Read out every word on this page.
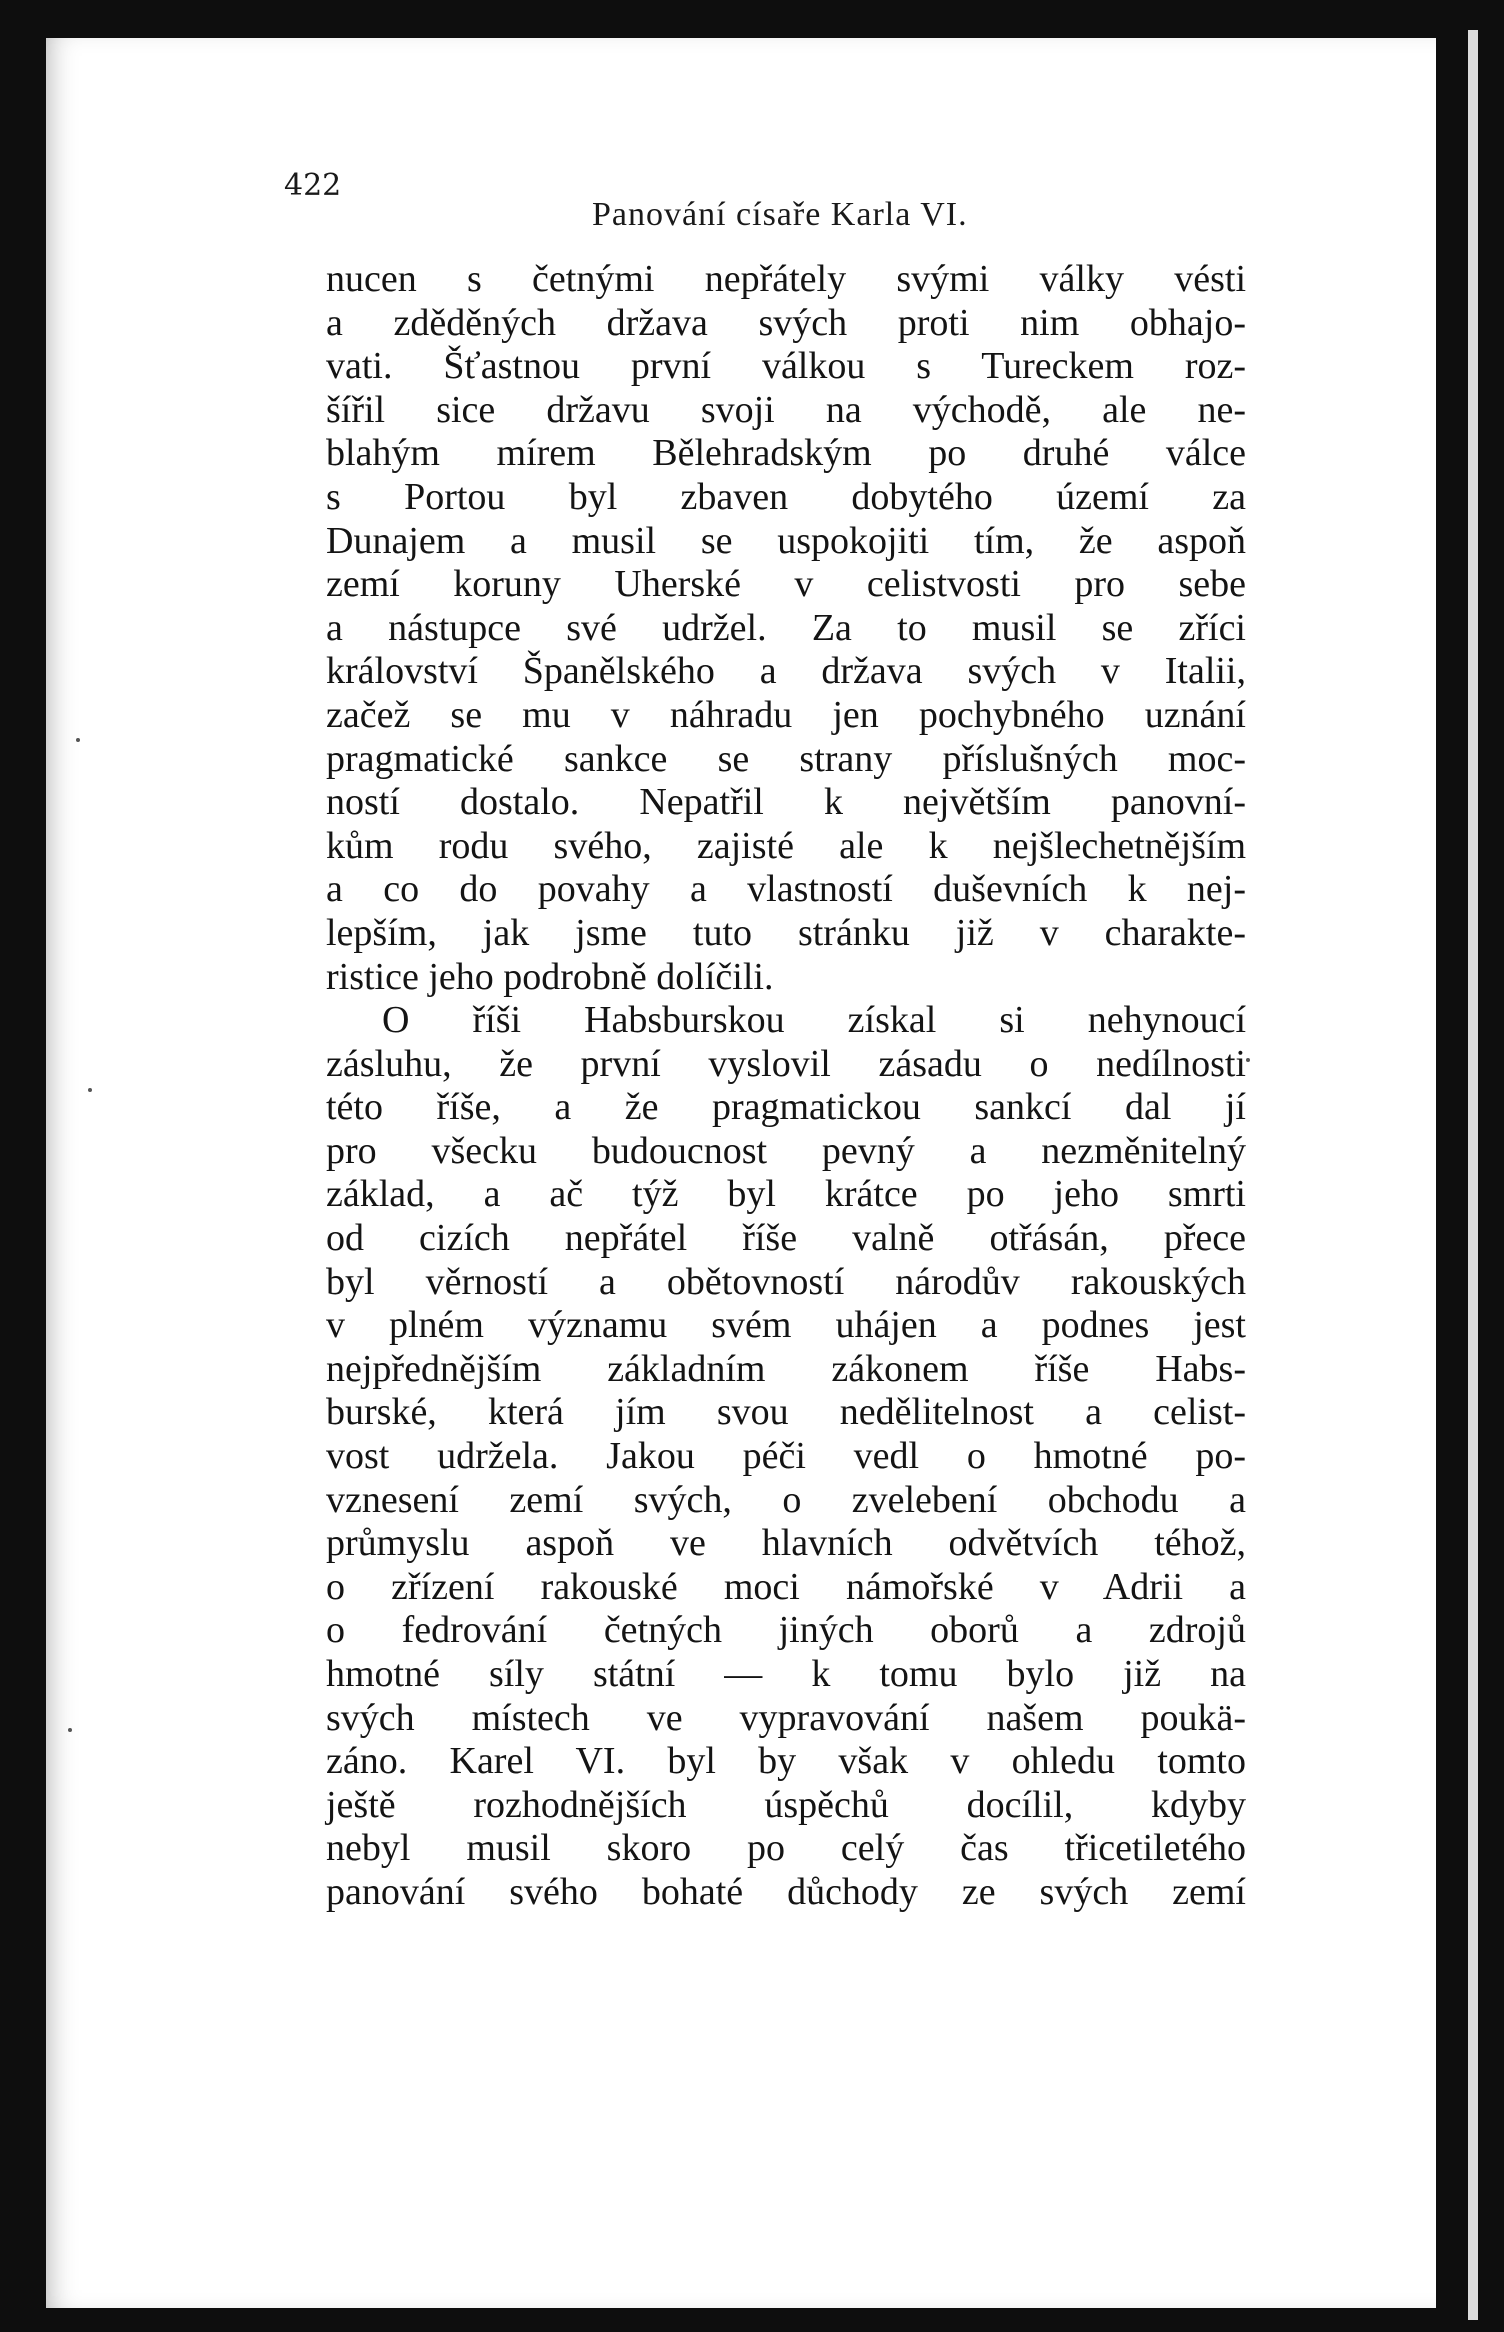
422

Panování císaře Karla VI.

nucen s četnými nepřátely svými války vésti
a zděděných država svých proti nim obhajo-
vati. Šťastnou první válkou s Tureckem roz-
šířil sice državu svoji na východě, ale ne-
blahým mírem Bělehradským po druhé válce
s Portou byl zbaven dobytého území za
Dunajem a musil se uspokojiti tím, že aspoň
zemí koruny Uherské v celistvosti pro sebe
a nástupce své udržel. Za to musil se zříci
království Španělského a država svých v Italii,
začež se mu v náhradu jen pochybného uznání
pragmatické sankce se strany příslušných moc-
ností dostalo. Nepatřil k největším panovní-
kům rodu svého, zajisté ale k nejšlechetnějším
a co do povahy a vlastností duševních k nej-
lepším, jak jsme tuto stránku již v charakte-
ristice jeho podrobně dolíčili.
O říši Habsburskou získal si nehynoucí
zásluhu, že první vyslovil zásadu o nedílnosti
této říše, a že pragmatickou sankcí dal jí
pro všecku budoucnost pevný a nezměnitelný
základ, a ač týž byl krátce po jeho smrti
od cizích nepřátel říše valně otřásán, přece
byl věrností a obětovností národův rakouských
v plném významu svém uhájen a podnes jest
nejpřednějším základním zákonem říše Habs-
burské, která jím svou nedělitelnost a celist-
vost udržela. Jakou péči vedl o hmotné po-
vznesení zemí svých, o zvelebení obchodu a
průmyslu aspoň ve hlavních odvětvích téhož,
o zřízení rakouské moci námořské v Adrii a
o fedrování četných jiných oborů a zdrojů
hmotné síly státní — k tomu bylo již na
svých místech ve vypravování našem poukä-
záno. Karel VI. byl by však v ohledu tomto
ještě rozhodnějších úspěchů docílil, kdyby
nebyl musil skoro po celý čas třicetiletého
panování svého bohaté důchody ze svých zemí
